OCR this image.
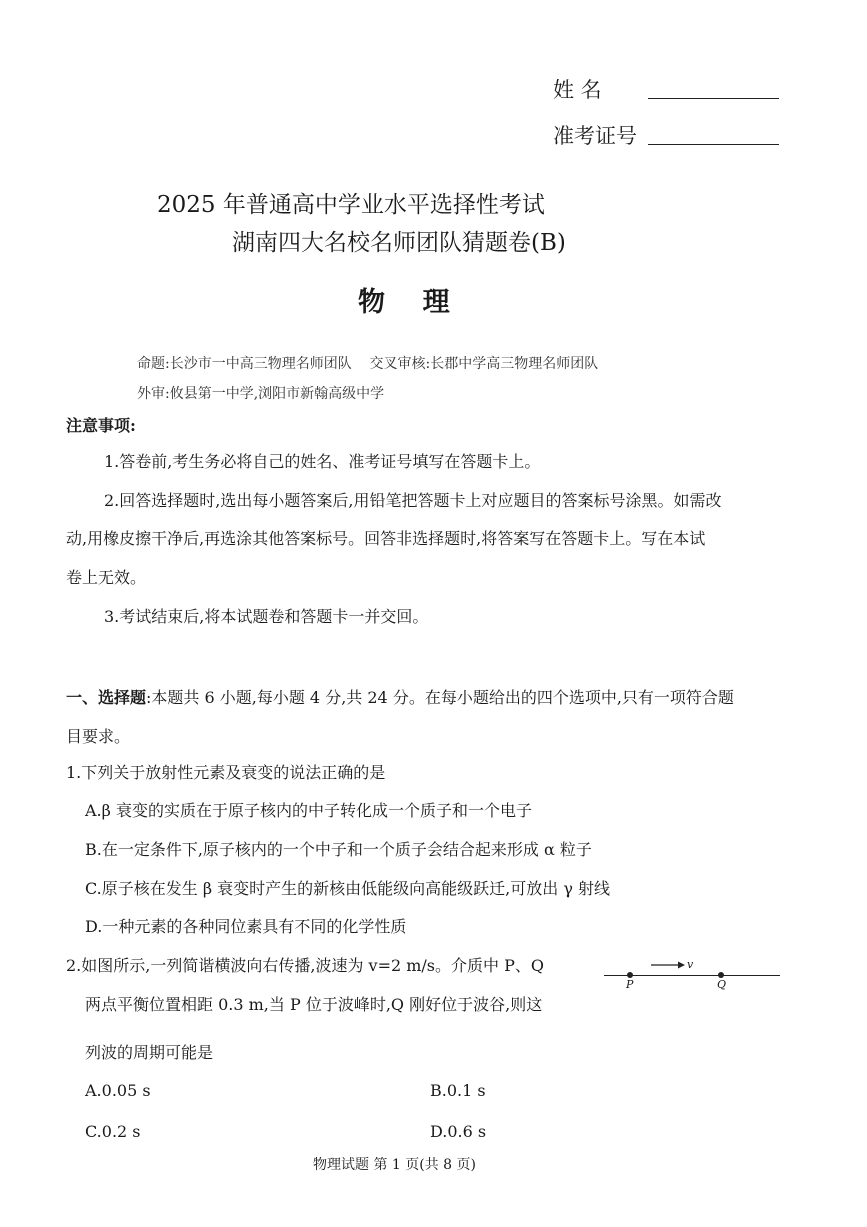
姓 名
准考证号
2025 年普通高中学业水平选择性考试
湖南四大名校名师团队猜题卷(B)
物    理
命题:长沙市一中高三物理名师团队    交叉审核:长郡中学高三物理名师团队
外审:攸县第一中学,浏阳市新翰高级中学
注意事项:
1.答卷前,考生务必将自己的姓名、准考证号填写在答题卡上。
2.回答选择题时,选出每小题答案后,用铅笔把答题卡上对应题目的答案标号涂黑。如需改
动,用橡皮擦干净后,再选涂其他答案标号。回答非选择题时,将答案写在答题卡上。写在本试
卷上无效。
3.考试结束后,将本试题卷和答题卡一并交回。
一、选择题:本题共 6 小题,每小题 4 分,共 24 分。在每小题给出的四个选项中,只有一项符合题
目要求。
1.下列关于放射性元素及衰变的说法正确的是
A.β 衰变的实质在于原子核内的中子转化成一个质子和一个电子
B.在一定条件下,原子核内的一个中子和一个质子会结合起来形成 α 粒子
C.原子核在发生 β 衰变时产生的新核由低能级向高能级跃迁,可放出 γ 射线
D.一种元素的各种同位素具有不同的化学性质
2.如图所示,一列简谐横波向右传播,波速为 v=2 m/s。介质中 P、Q
两点平衡位置相距 0.3 m,当 P 位于波峰时,Q 刚好位于波谷,则这
列波的周期可能是
v
P	Q
A.0.05 s	B.0.1 s
C.0.2 s	D.0.6 s
物理试题 第 1 页(共 8 页)
